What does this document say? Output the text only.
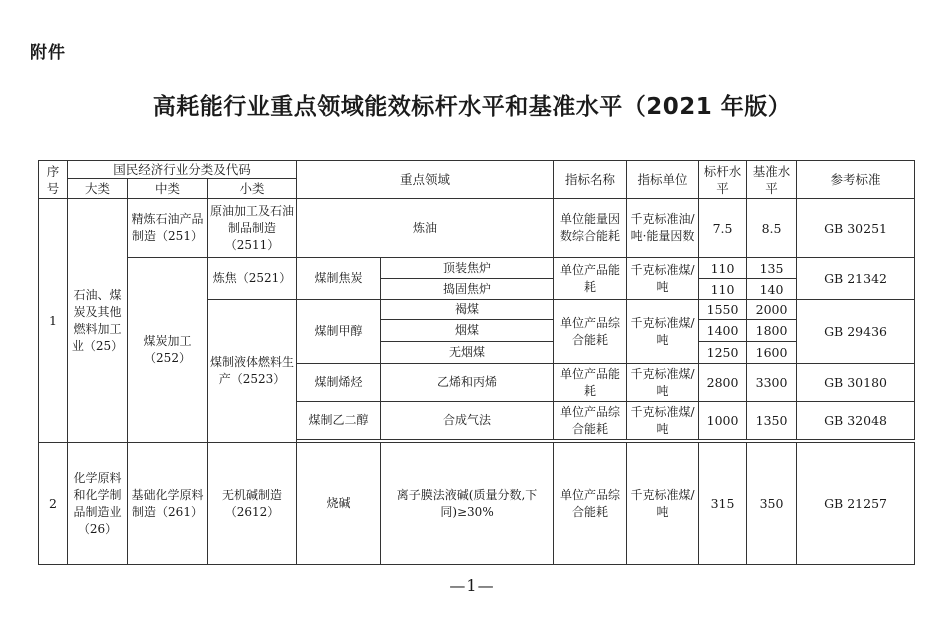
附件
高耗能行业重点领域能效标杆水平和基准水平（2021 年版）
序号	国民经济行业分类及代码			重点领域		指标名称	指标单位	标杆水平	基准水平	参考标准
	大类	中类	小类							
1	石油、煤炭及其他燃料加工业（25）	精炼石油产品制造（251）	原油加工及石油制品制造（2511）	炼油		单位能量因数综合能耗	千克标准油/吨·能量因数	7.5	8.5	GB 30251
		煤炭加工（252）	炼焦（2521）	煤制焦炭	顶装焦炉	单位产品能耗	千克标准煤/吨	110	135	GB 21342
					捣固焦炉			110	140	
			煤制液体燃料生产（2523）	煤制甲醇	褐煤	单位产品综合能耗	千克标准煤/吨	1550	2000	GB 29436
					烟煤			1400	1800	
					无烟煤			1250	1600	
				煤制烯烃	乙烯和丙烯	单位产品能耗	千克标准煤/吨	2800	3300	GB 30180
				煤制乙二醇	合成气法	单位产品综合能耗	千克标准煤/吨	1000	1350	GB 32048

2	化学原料和化学制品制造业（26）	基础化学原料制造（261）	无机碱制造（2612）	烧碱	离子膜法液碱(质量分数,下同)≥30%	单位产品综合能耗	千克标准煤/吨	315	350	GB 21257
—1—
